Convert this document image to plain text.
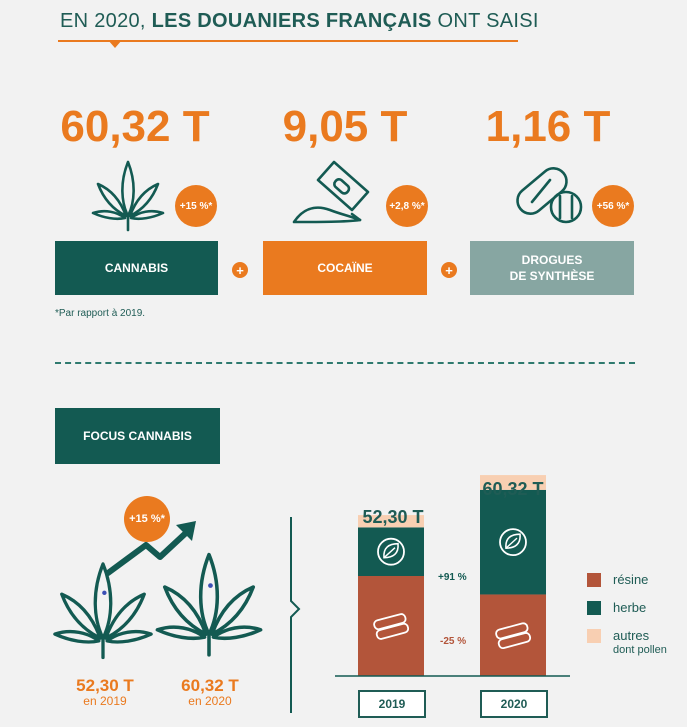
EN 2020, LES DOUANIERS FRANÇAIS ONT SAISI
60,32 T	9,05 T	1,16 T
+15 %*	+2,8 %*	+56 %*
CANNABIS	+	COCAÏNE	+
DROGUES
DE SYNTHÈSE
*Par rapport à 2019.
FOCUS CANNABIS
+15 %*
52,30 T
en 2019
60,32 T
en 2020
52,30 T
60,32 T
+91 %
-25 %
2019	2020
résine
herbe
autres
dont pollen
